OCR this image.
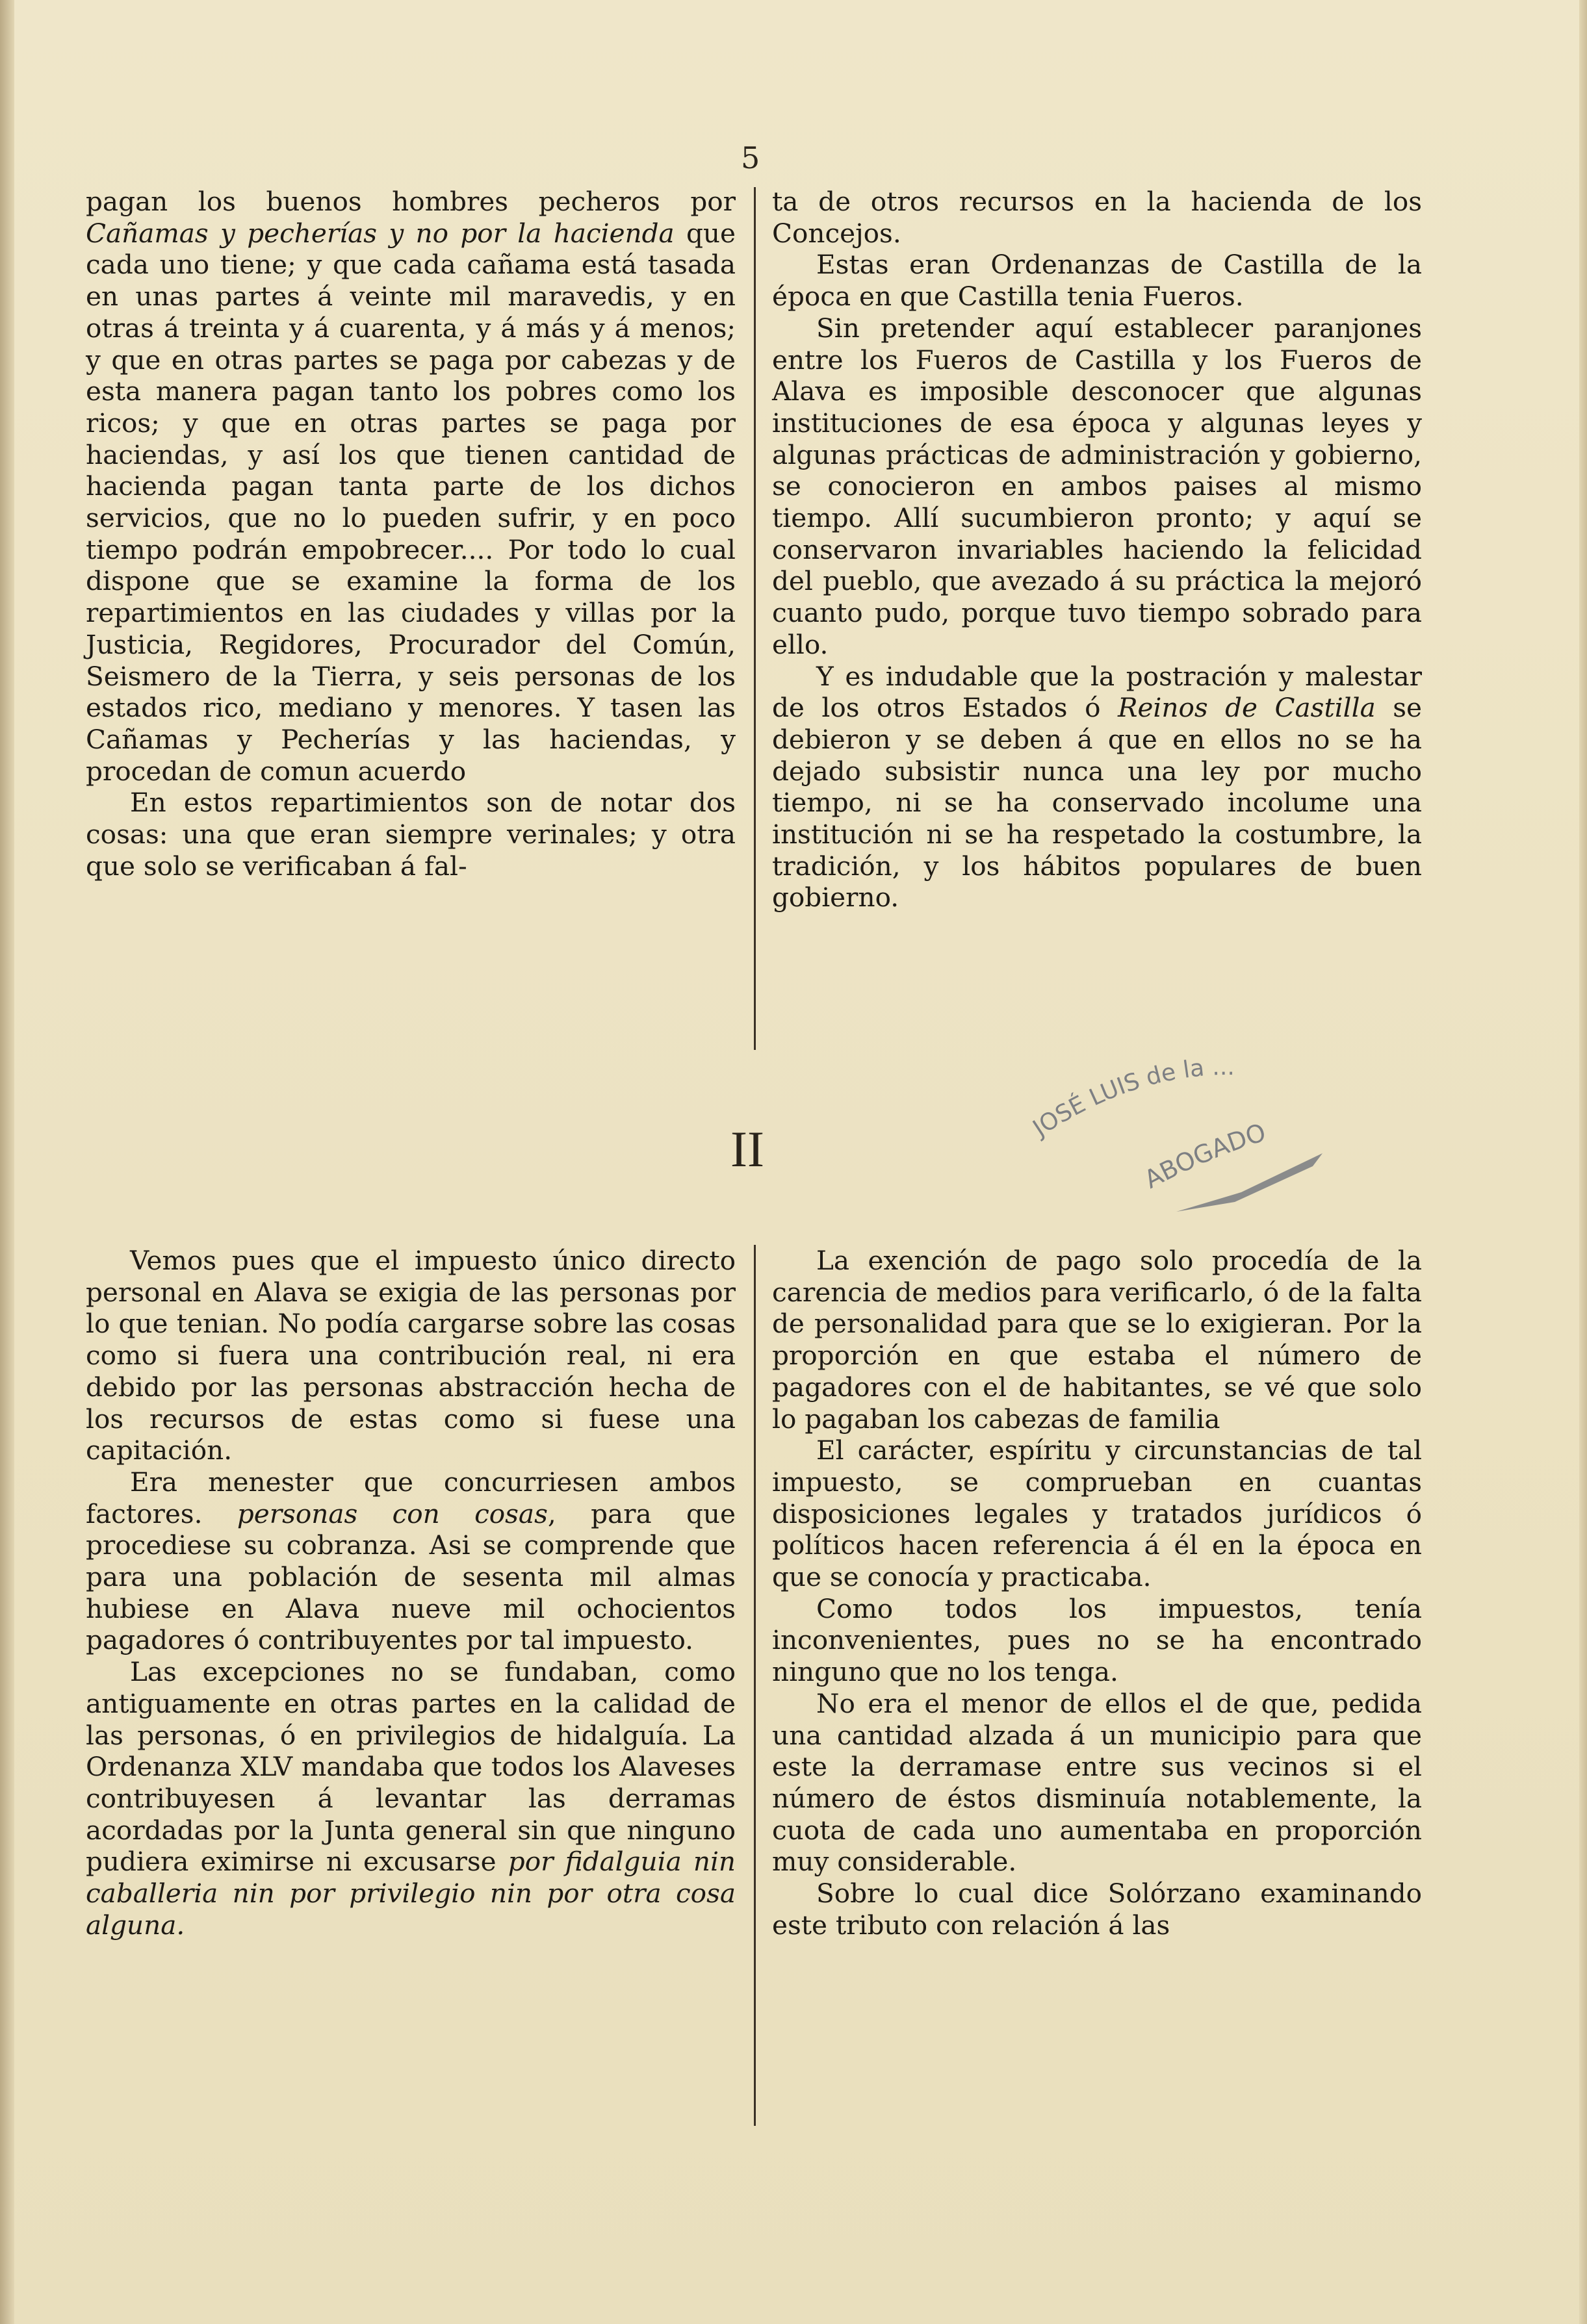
5

pagan los buenos hombres pecheros por Cañamas y pecherías y no por la hacienda que cada uno tiene; y que cada cañama está tasada en unas partes á veinte mil maravedis, y en otras á treinta y á cuarenta, y á más y á menos; y que en otras partes se paga por cabezas y de esta manera pagan tanto los pobres como los ricos; y que en otras partes se paga por haciendas, y así los que tienen cantidad de hacienda pagan tanta parte de los dichos servicios, que no lo pueden sufrir, y en poco tiempo podrán empobrecer.... Por todo lo cual dispone que se examine la forma de los repartimientos en las ciudades y villas por la Justicia, Regidores, Procurador del Común, Seismero de la Tierra, y seis personas de los estados rico, mediano y menores. Y tasen las Cañamas y Pecherías y las haciendas, y procedan de comun acuerdo

En estos repartimientos son de notar dos cosas: una que eran siempre verinales; y otra que solo se verificaban á fal-

ta de otros recursos en la hacienda de los Concejos.

Estas eran Ordenanzas de Castilla de la época en que Castilla tenia Fueros.

Sin pretender aquí establecer paranjones entre los Fueros de Castilla y los Fueros de Alava es imposible desconocer que algunas instituciones de esa época y algunas leyes y algunas prácticas de administración y gobierno, se conocieron en ambos paises al mismo tiempo. Allí sucumbieron pronto; y aquí se conservaron invariables haciendo la felicidad del pueblo, que avezado á su práctica la mejoró cuanto pudo, porque tuvo tiempo sobrado para ello.

Y es indudable que la postración y malestar de los otros Estados ó Reinos de Castilla se debieron y se deben á que en ellos no se ha dejado subsistir nunca una ley por mucho tiempo, ni se ha conservado incolume una institución ni se ha respetado la costumbre, la tradición, y los hábitos populares de buen gobierno.

II	JOSÉ LUIS de la ...
ABOGADO

Vemos pues que el impuesto único directo personal en Alava se exigia de las personas por lo que tenian. No podía cargarse sobre las cosas como si fuera una contribución real, ni era debido por las personas abstracción hecha de los recursos de estas como si fuese una capitación.

Era menester que concurriesen ambos factores. personas con cosas, para que procediese su cobranza. Asi se comprende que para una población de sesenta mil almas hubiese en Alava nueve mil ochocientos pagadores ó contribuyentes por tal impuesto.

Las excepciones no se fundaban, como antiguamente en otras partes en la calidad de las personas, ó en privilegios de hidalguía. La Ordenanza XLV mandaba que todos los Alaveses contribuyesen á levantar las derramas acordadas por la Junta general sin que ninguno pudiera eximirse ni excusarse por fidalguia nin caballeria nin por privilegio nin por otra cosa alguna.

La exención de pago solo procedía de la carencia de medios para verificarlo, ó de la falta de personalidad para que se lo exigieran. Por la proporción en que estaba el número de pagadores con el de habitantes, se vé que solo lo pagaban los cabezas de familia

El carácter, espíritu y circunstancias de tal impuesto, se comprueban en cuantas disposiciones legales y tratados jurídicos ó políticos hacen referencia á él en la época en que se conocía y practicaba.

Como todos los impuestos, tenía inconvenientes, pues no se ha encontrado ninguno que no los tenga.

No era el menor de ellos el de que, pedida una cantidad alzada á un municipio para que este la derramase entre sus vecinos si el número de éstos disminuía notablemente, la cuota de cada uno aumentaba en proporción muy considerable.

Sobre lo cual dice Solórzano examinando este tributo con relación á las
